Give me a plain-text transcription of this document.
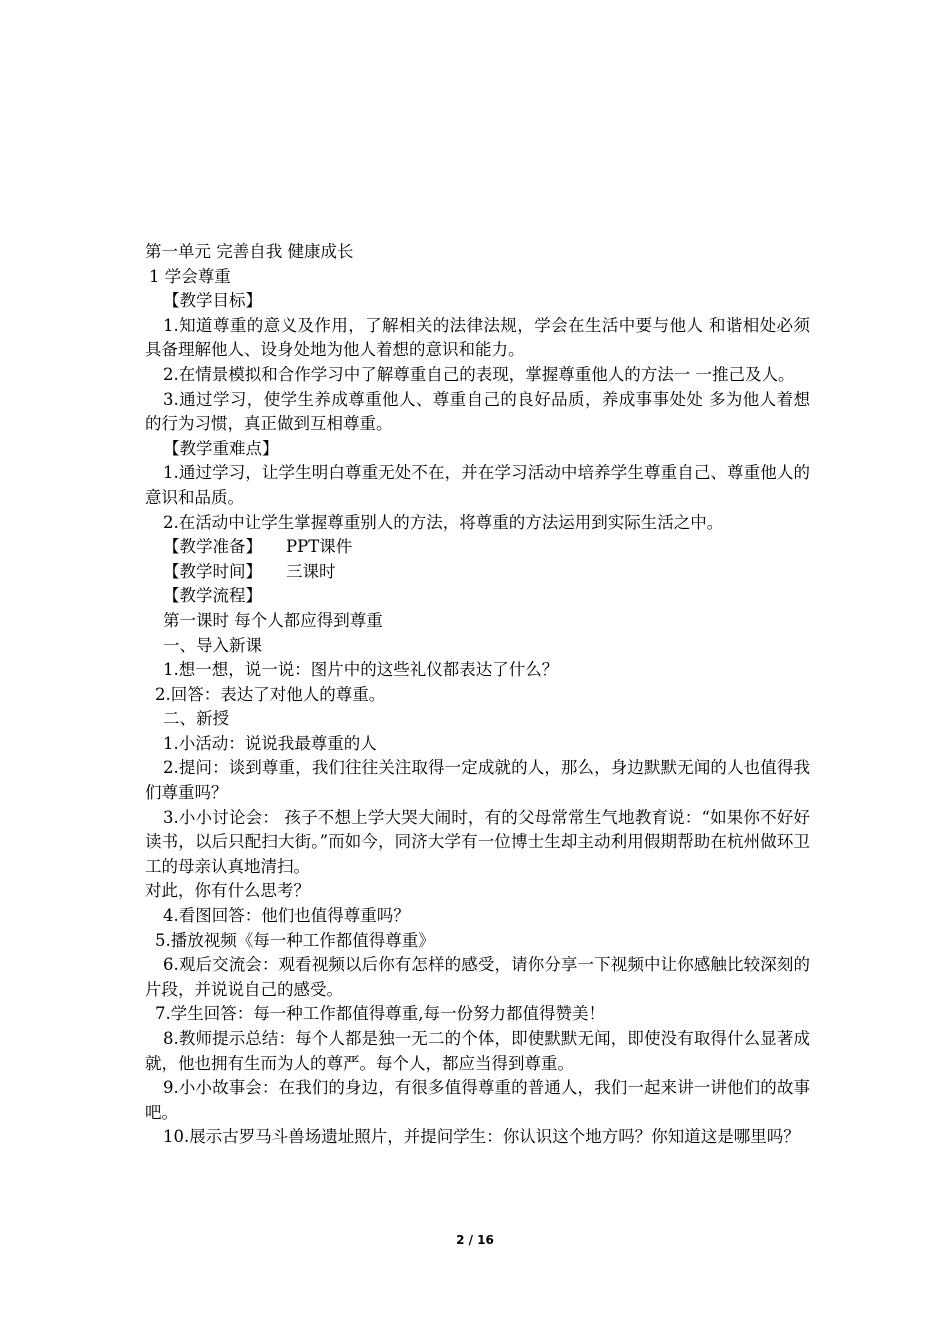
第一单元 完善自我 健康成长
1 学会尊重
【教学目标】
1.知道尊重的意义及作用，了解相关的法律法规，学会在生活中要与他人 和谐相处必须具备理解他人、设身处地为他人着想的意识和能力。
2.在情景模拟和合作学习中了解尊重自己的表现，掌握尊重他人的方法一 一推己及人。
3.通过学习，使学生养成尊重他人、尊重自己的良好品质，养成事事处处 多为他人着想的行为习惯，真正做到互相尊重。
【教学重难点】
1.通过学习，让学生明白尊重无处不在，并在学习活动中培养学生尊重自己、尊重他人的意识和品质。
2.在活动中让学生掌握尊重别人的方法，将尊重的方法运用到实际生活之中。
【教学准备】 PPT课件
【教学时间】 三课时
【教学流程】
第一课时 每个人都应得到尊重
一、导入新课
1.想一想，说一说：图片中的这些礼仪都表达了什么？
2.回答：表达了对他人的尊重。
二、新授
1.小活动：说说我最尊重的人
2.提问：谈到尊重，我们往往关注取得一定成就的人，那么，身边默默无闻的人也值得我们尊重吗？
3.小小讨论会： 孩子不想上学大哭大闹时，有的父母常常生气地教育说：“如果你不好好读书，以后只配扫大街。”而如今，同济大学有一位博士生却主动利用假期帮助在杭州做环卫工的母亲认真地清扫。
对此，你有什么思考？
4.看图回答：他们也值得尊重吗？
5.播放视频《每一种工作都值得尊重》
6.观后交流会：观看视频以后你有怎样的感受，请你分享一下视频中让你感触比较深刻的片段，并说说自己的感受。
7.学生回答：每一种工作都值得尊重,每一份努力都值得赞美！
8.教师提示总结：每个人都是独一无二的个体，即使默默无闻，即使没有取得什么显著成就，他也拥有生而为人的尊严。每个人，都应当得到尊重。
9.小小故事会：在我们的身边，有很多值得尊重的普通人，我们一起来讲一讲他们的故事吧。
10.展示古罗马斗兽场遗址照片，并提问学生：你认识这个地方吗？你知道这是哪里吗？
2 / 16
